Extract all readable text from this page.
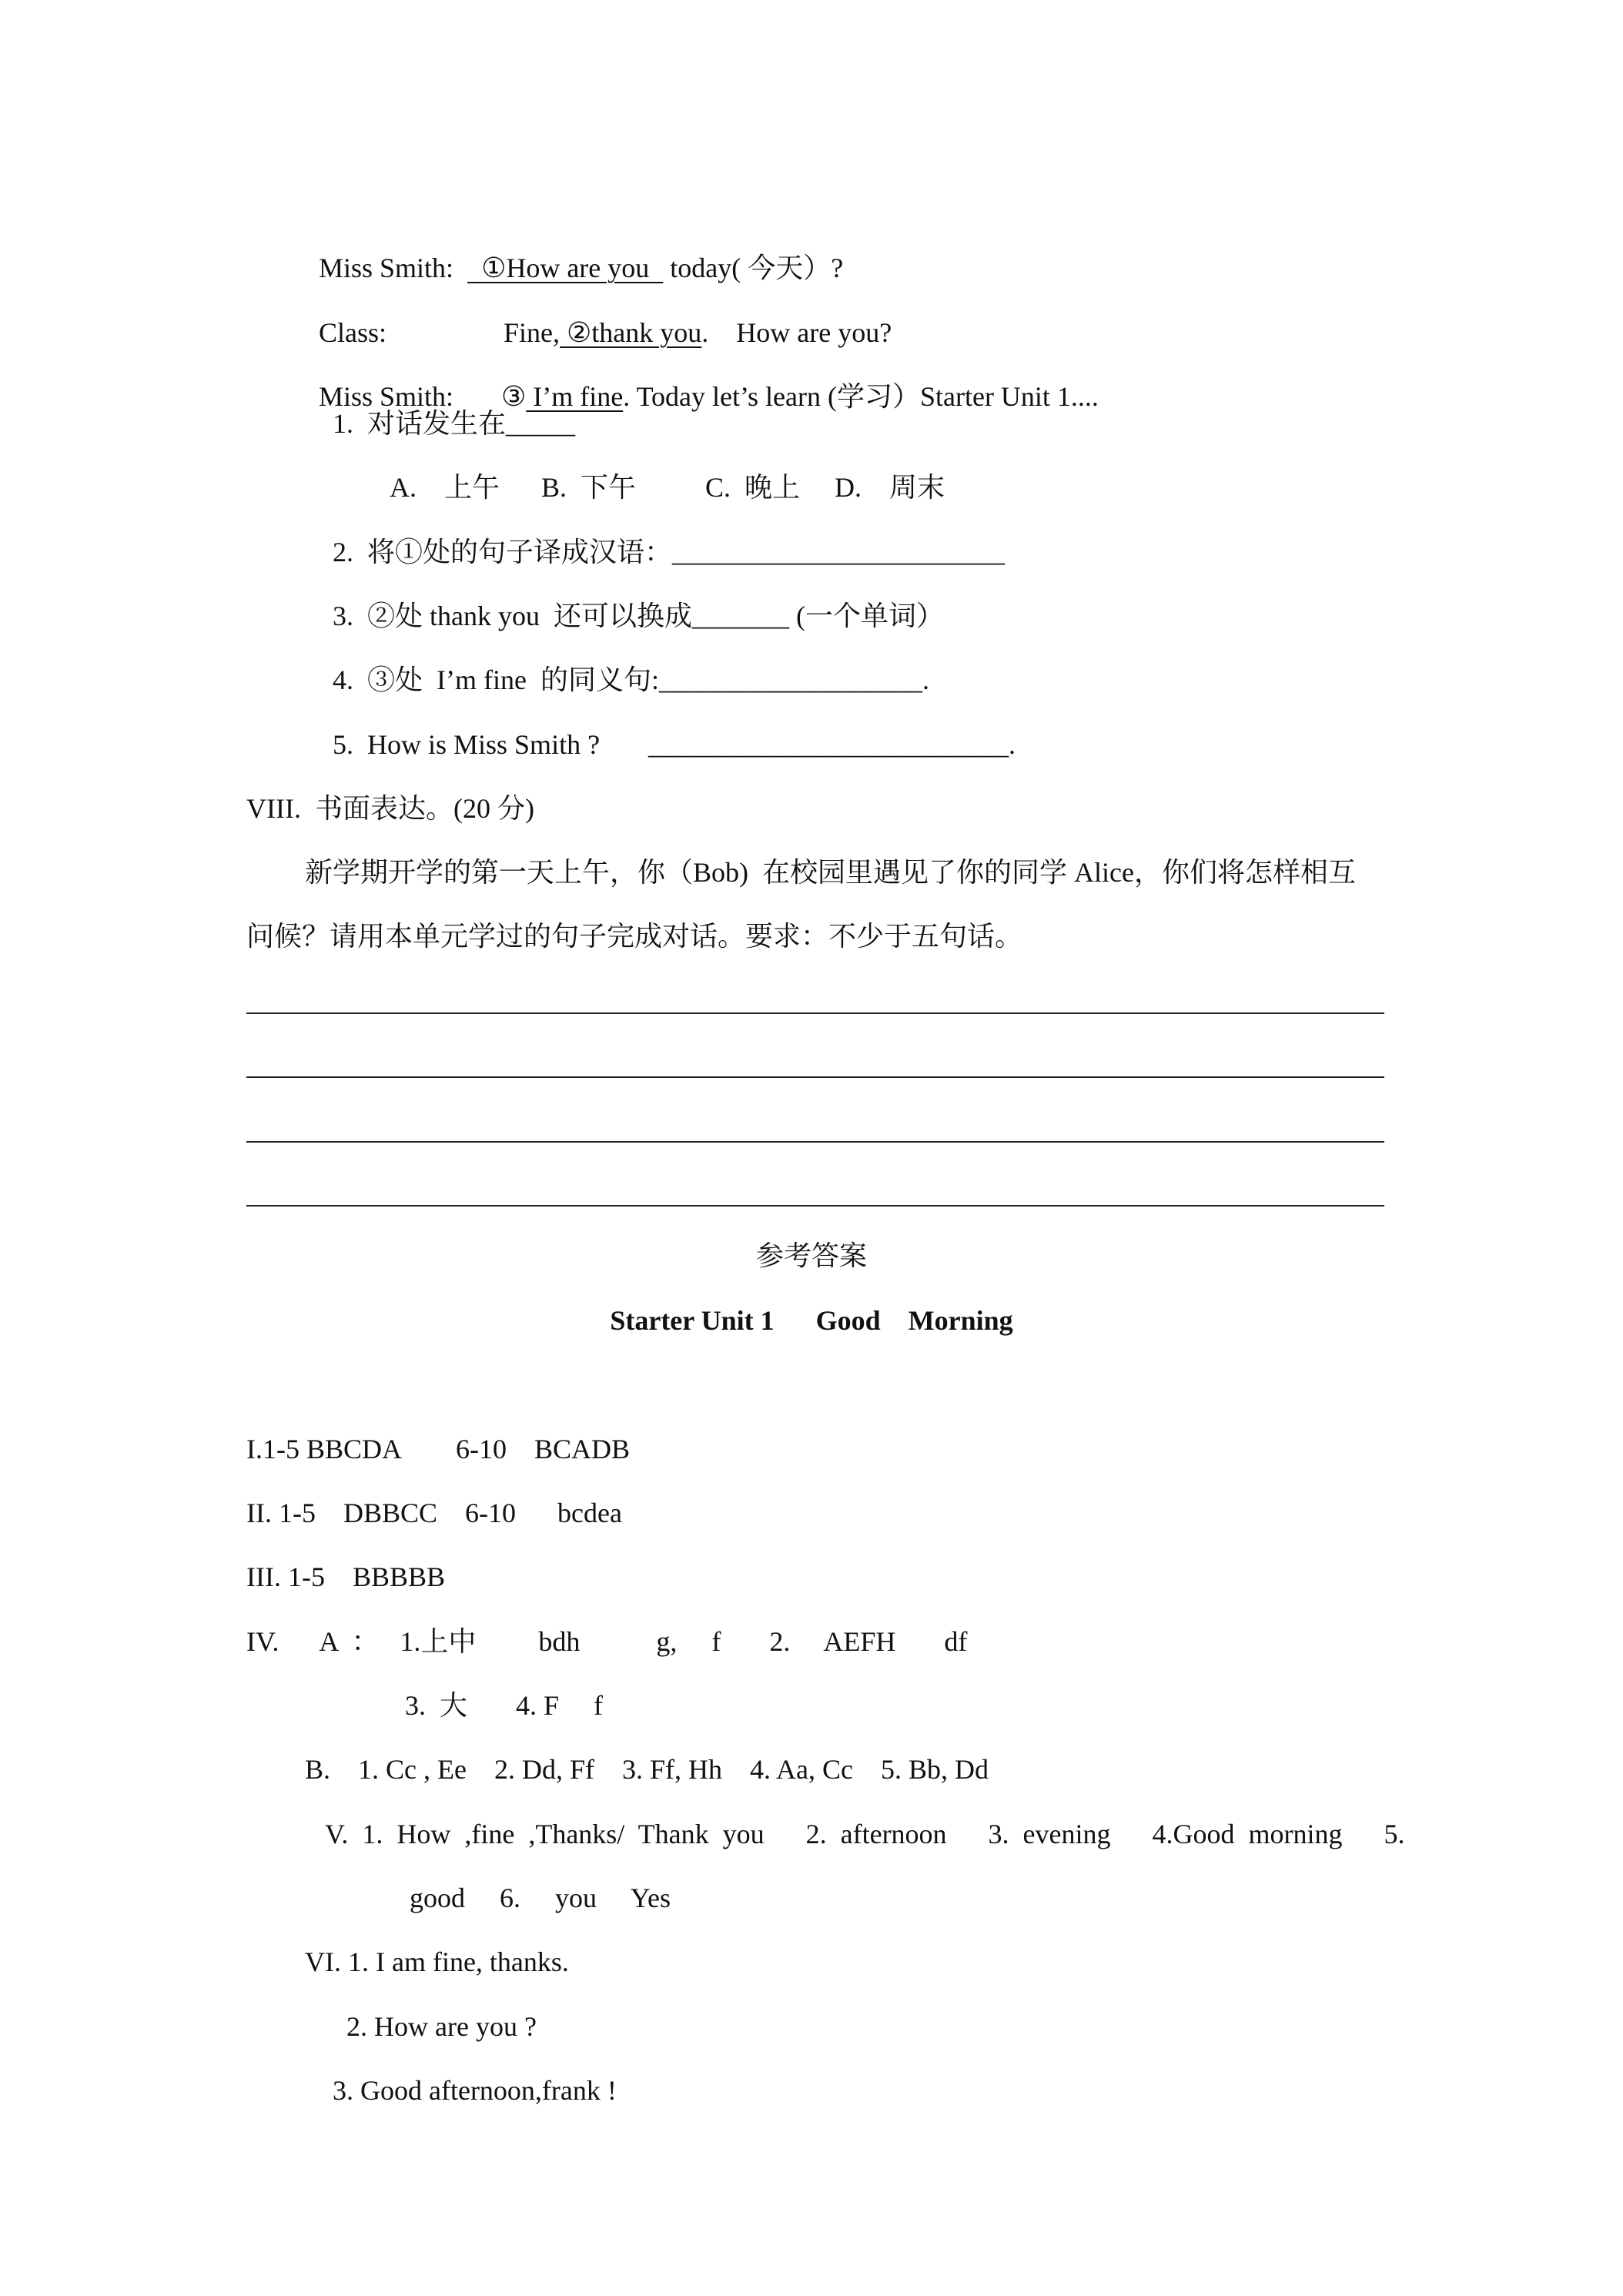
Miss Smith:    ①How are you   today( 今天）?

Class:	Fine, ②thank you.    How are you?

Miss Smith:	③ I’m fine. Today let’s learn (学习）Starter Unit 1....

1.  对话发生在_____
A.    上午      B.  下午          C.  晚上     D.    周末
2.  将①处的句子译成汉语：________________________
3.  ②处 thank you  还可以换成_______ (一个单词）
4.  ③处  I’m fine  的同义句:___________________.
5.  How is Miss Smith ?       __________________________.
VIII.  书面表达。(20 分)
新学期开学的第一天上午，你（Bob)  在校园里遇见了你的同学 Alice，你们将怎样相互
问候？请用本单元学过的句子完成对话。要求：不少于五句话。
参考答案
Starter Unit 1      Good    Morning
I.1-5 BBCDA        6-10    BCADB
II. 1-5    DBBCC    6-10      bcdea
III. 1-5    BBBBB
IV.      A  ：   1.上中         bdh           g,     f       2.     AEFH       df
3.  大       4. F     f
B.    1. Cc , Ee    2. Dd, Ff    3. Ff, Hh    4. Aa, Cc    5. Bb, Dd
V.  1.  How  ,fine  ,Thanks/  Thank  you      2.  afternoon      3.  evening      4.Good  morning      5.
good     6.     you     Yes
VI. 1. I am fine, thanks.
2. How are you ?
3. Good afternoon,frank !
